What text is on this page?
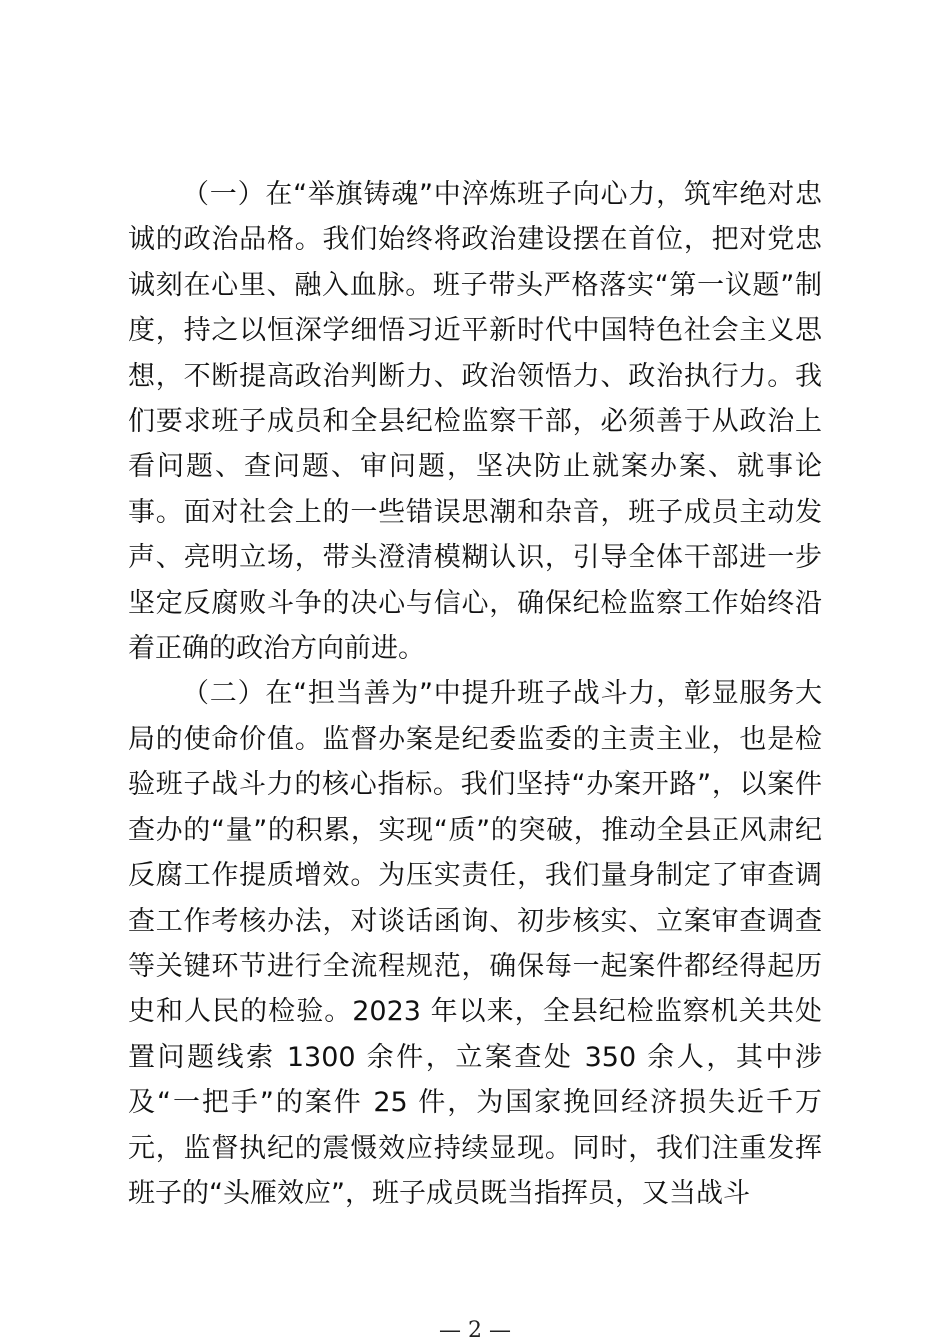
（一）在“举旗铸魂”中淬炼班子向心力，筑牢绝对忠诚的政治品格。我们始终将政治建设摆在首位，把对党忠诚刻在心里、融入血脉。班子带头严格落实“第一议题”制度，持之以恒深学细悟习近平新时代中国特色社会主义思想，不断提高政治判断力、政治领悟力、政治执行力。我们要求班子成员和全县纪检监察干部，必须善于从政治上看问题、查问题、审问题，坚决防止就案办案、就事论事。面对社会上的一些错误思潮和杂音，班子成员主动发声、亮明立场，带头澄清模糊认识，引导全体干部进一步坚定反腐败斗争的决心与信心，确保纪检监察工作始终沿着正确的政治方向前进。

（二）在“担当善为”中提升班子战斗力，彰显服务大局的使命价值。监督办案是纪委监委的主责主业，也是检验班子战斗力的核心指标。我们坚持“办案开路”，以案件查办的“量”的积累，实现“质”的突破，推动全县正风肃纪反腐工作提质增效。为压实责任，我们量身制定了审查调查工作考核办法，对谈话函询、初步核实、立案审查调查等关键环节进行全流程规范，确保每一起案件都经得起历史和人民的检验。2023 年以来，全县纪检监察机关共处置问题线索 1300 余件，立案查处 350 余人，其中涉及“一把手”的案件 25 件，为国家挽回经济损失近千万元，监督执纪的震慑效应持续显现。同时，我们注重发挥班子的“头雁效应”，班子成员既当指挥员，又当战斗

— 2 —
